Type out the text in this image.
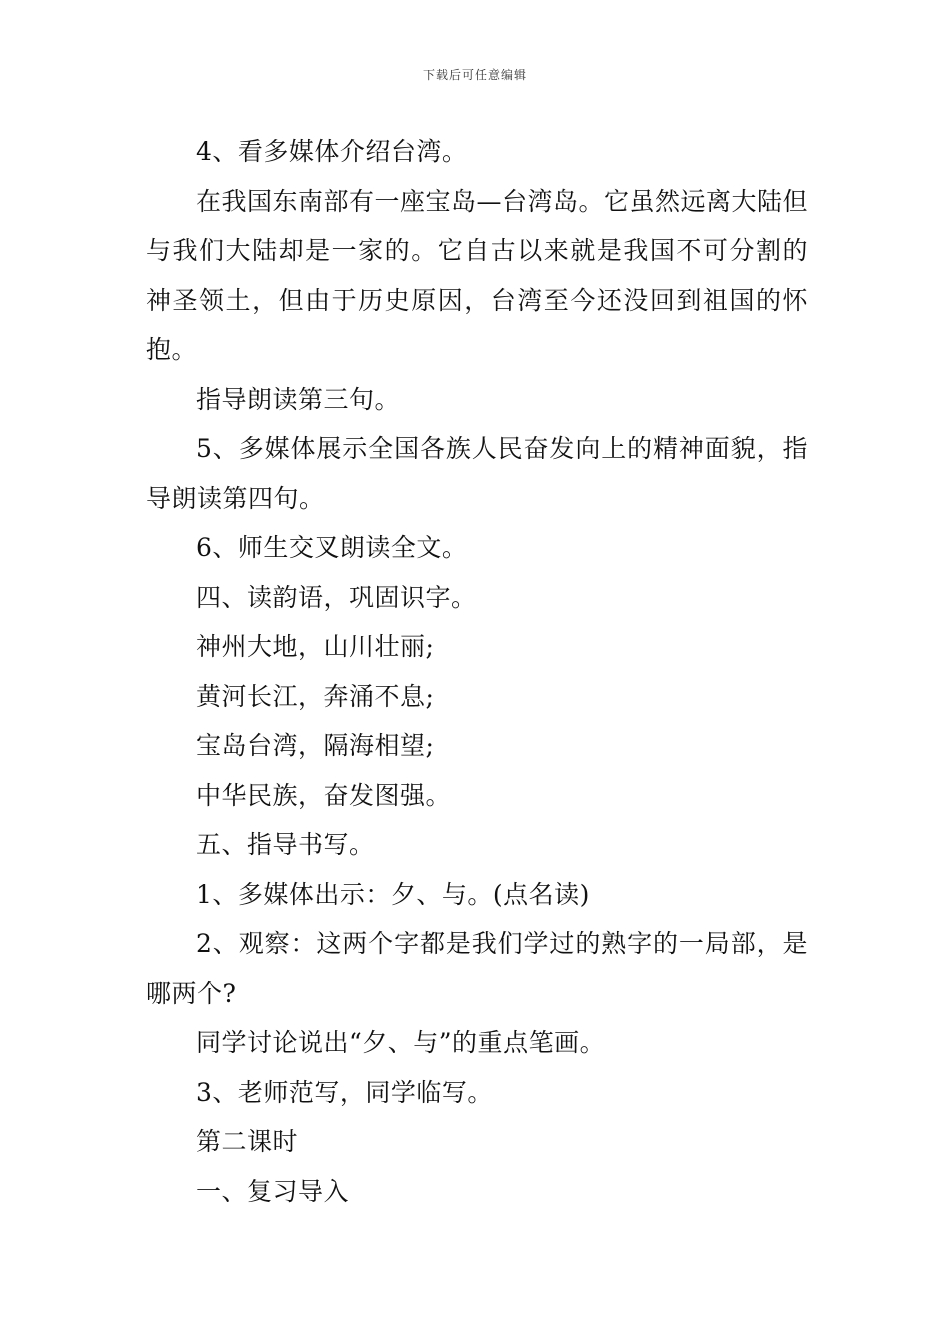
下载后可任意编辑

4、看多媒体介绍台湾。

在我国东南部有一座宝岛—台湾岛。它虽然远离大陆但与我们大陆却是一家的。它自古以来就是我国不可分割的神圣领土，但由于历史原因，台湾至今还没回到祖国的怀抱。

指导朗读第三句。

5、多媒体展示全国各族人民奋发向上的精神面貌，指导朗读第四句。

6、师生交叉朗读全文。

四、读韵语，巩固识字。

神州大地，山川壮丽;

黄河长江，奔涌不息;

宝岛台湾，隔海相望;

中华民族，奋发图强。

五、指导书写。

1、多媒体出示：夕、与。(点名读)

2、观察：这两个字都是我们学过的熟字的一局部，是哪两个?

同学讨论说出“夕、与”的重点笔画。

3、老师范写，同学临写。

第二课时

一、复习导入
